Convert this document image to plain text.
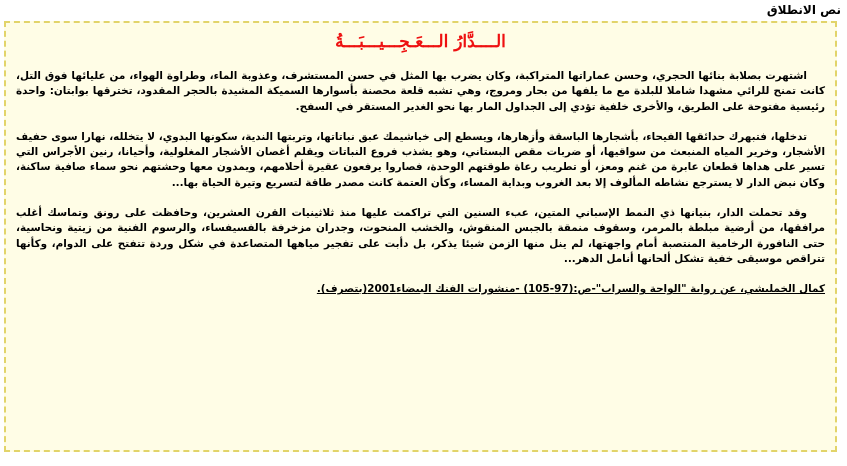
نص الانطلاق
الــــدَّارُ الـــعَـجِـــيـــبَـــةُ

اشتهرت بصلابة بنائها الحجري، وحسن عماراتها المتراكبة، وكان يضرب بها المثل في حسن المستشرف، وعذوبة الماء، وطراوة الهواء، من عليائها فوق التل، كانت تمنح للرائي مشهدا شاملا للبلدة مع ما يلفها من بحار ومروج، وهي تشبه قلعة محصنة بأسوارها السميكة المشيدة بالحجر المقدود، تخترقها بوابتان: واحدة رئيسية مفتوحة على الطريق، والأخرى خلفية تؤدي إلى الجداول المار بها نحو الغدير المستقر في السفح.

تدخلها، فتبهرك حدائقها الفيحاء، بأشجارها الباسقة وأزهارها، ويسطع إلى خياشيمك عبق نباتاتها، وتربتها الندية، سكونها البدوي، لا يتخلله، نهارا سوى حفيف الأشجار، وخرير المياه المنبعث من سواقيها، أو ضربات مقص البستاني، وهو يشذب فروع النباتات ويقلم أغصان الأشجار المغلولية، وأحيانا، رنين الأجراس التي تسير على هداها قطعان عابرة من غنم ومعز، أو تطريب رعاة طوقتهم الوحدة، فصاروا يرفعون عقيرة أحلامهم، ويمدون معها وحشتهم نحو سماء صافية ساكنة، وكان نبض الدار لا يسترجع نشاطه المألوف إلا بعد الغروب وبداية المساء، وكأن العتمة كانت مصدر طاقة لتسريع وتيرة الحياة بها...

وقد تحملت الدار، بنيانها ذي النمط الإسباني المتين، عبء السنين التي تراكمت عليها منذ ثلاثينيات القرن العشرين، وحافظت على رونق وتماسك أغلب مرافقها، من أرضية مبلطة بالمرمر، وسقوف منمقة بالجبس المنقوش، والخشب المنحوت، وجدران مزخرفة بالفسيفساء، والرسوم الفنية من زيتية ونحاسية، حتى النافورة الرخامية المنتصبة أمام واجهتها، لم ينل منها الزمن شيئا يذكر، بل دأبت على تفجير مياهها المتصاعدة في شكل وردة تتفتح على الدوام، وكأنها تتراقص موسيقى خفية تشكل ألحانها أنامل الدهر...

كمال الخمليشي، عن رواية "الواحة والسراب"-ص:(97-105) -منشورات الفنك البيضاء2001(بتصرف).
